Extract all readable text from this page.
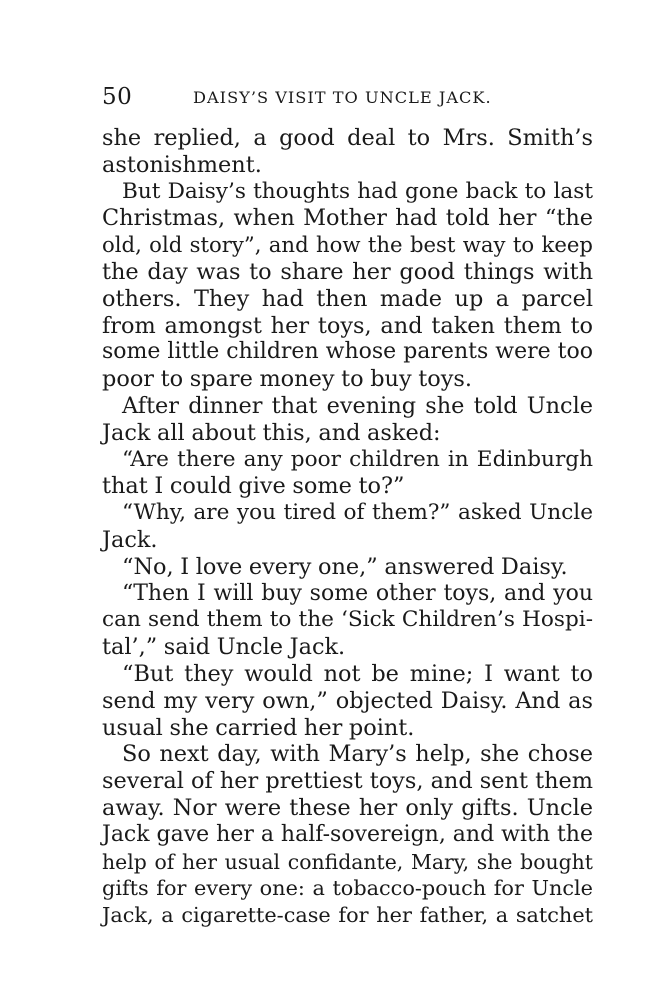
50	DAISY’S VISIT TO UNCLE JACK.
she replied, a good deal to Mrs. Smith’s
astonishment.
But Daisy’s thoughts had gone back to last
Christmas, when Mother had told her “the
old, old story”, and how the best way to keep
the day was to share her good things with
others. They had then made up a parcel
from amongst her toys, and taken them to
some little children whose parents were too
poor to spare money to buy toys.
After dinner that evening she told Uncle
Jack all about this, and asked:
“Are there any poor children in Edinburgh
that I could give some to?”
“Why, are you tired of them?” asked Uncle
Jack.
“No, I love every one,” answered Daisy.
“Then I will buy some other toys, and you
can send them to the ‘Sick Children’s Hospi-
tal’,” said Uncle Jack.
“But they would not be mine; I want to
send my very own,” objected Daisy. And as
usual she carried her point.
So next day, with Mary’s help, she chose
several of her prettiest toys, and sent them
away. Nor were these her only gifts. Uncle
Jack gave her a half-sovereign, and with the
help of her usual confidante, Mary, she bought
gifts for every one: a tobacco-pouch for Uncle
Jack, a cigarette-case for her father, a satchet
